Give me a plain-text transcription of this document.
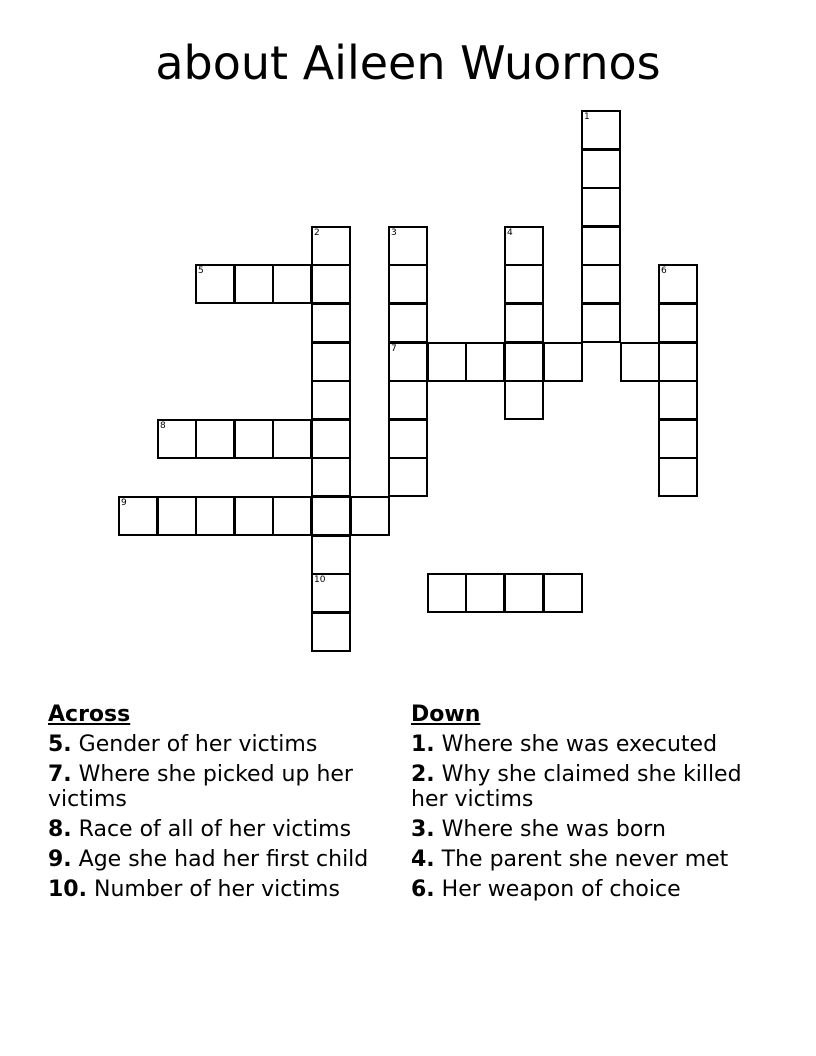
about Aileen Wuornos
1
2
10
3
7
4
6
5
8
9
Across
5. Gender of her victims
7. Where she picked up her victims
8. Race of all of her victims
9. Age she had her first child
10. Number of her victims
Down
1. Where she was executed
2. Why she claimed she killed her victims
3. Where she was born
4. The parent she never met
6. Her weapon of choice
